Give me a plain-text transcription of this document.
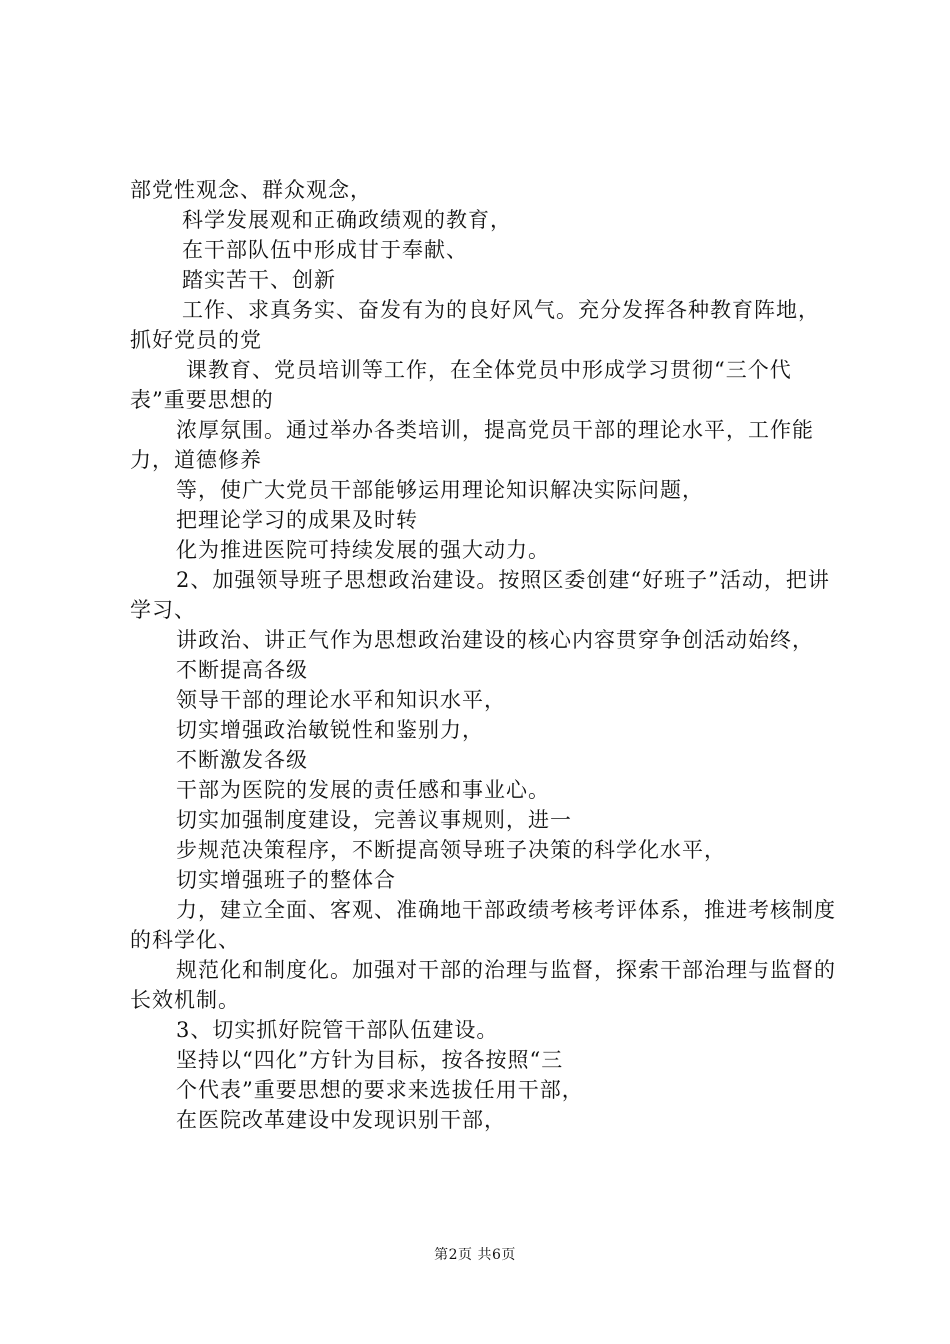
部党性观念、群众观念，
科学发展观和正确政绩观的教育，
在干部队伍中形成甘于奉献、
踏实苦干、创新
工作、求真务实、奋发有为的良好风气。充分发挥各种教育阵地，抓好党员的党
课教育、党员培训等工作，在全体党员中形成学习贯彻“三个代表”重要思想的
浓厚氛围。通过举办各类培训，提高党员干部的理论水平，工作能力，道德修养
等，使广大党员干部能够运用理论知识解决实际问题，
把理论学习的成果及时转
化为推进医院可持续发展的强大动力。
2、加强领导班子思想政治建设。按照区委创建“好班子”活动，把讲学习、
讲政治、讲正气作为思想政治建设的核心内容贯穿争创活动始终，
不断提高各级
领导干部的理论水平和知识水平，
切实增强政治敏锐性和鉴别力，
不断激发各级
干部为医院的发展的责任感和事业心。
切实加强制度建设，完善议事规则，进一
步规范决策程序，不断提高领导班子决策的科学化水平，
切实增强班子的整体合
力，建立全面、客观、准确地干部政绩考核考评体系，推进考核制度的科学化、
规范化和制度化。加强对干部的治理与监督，探索干部治理与监督的长效机制。
3、切实抓好院管干部队伍建设。
坚持以“四化”方针为目标，按各按照“三
个代表”重要思想的要求来选拔任用干部，
在医院改革建设中发现识别干部，
第2页 共6页
